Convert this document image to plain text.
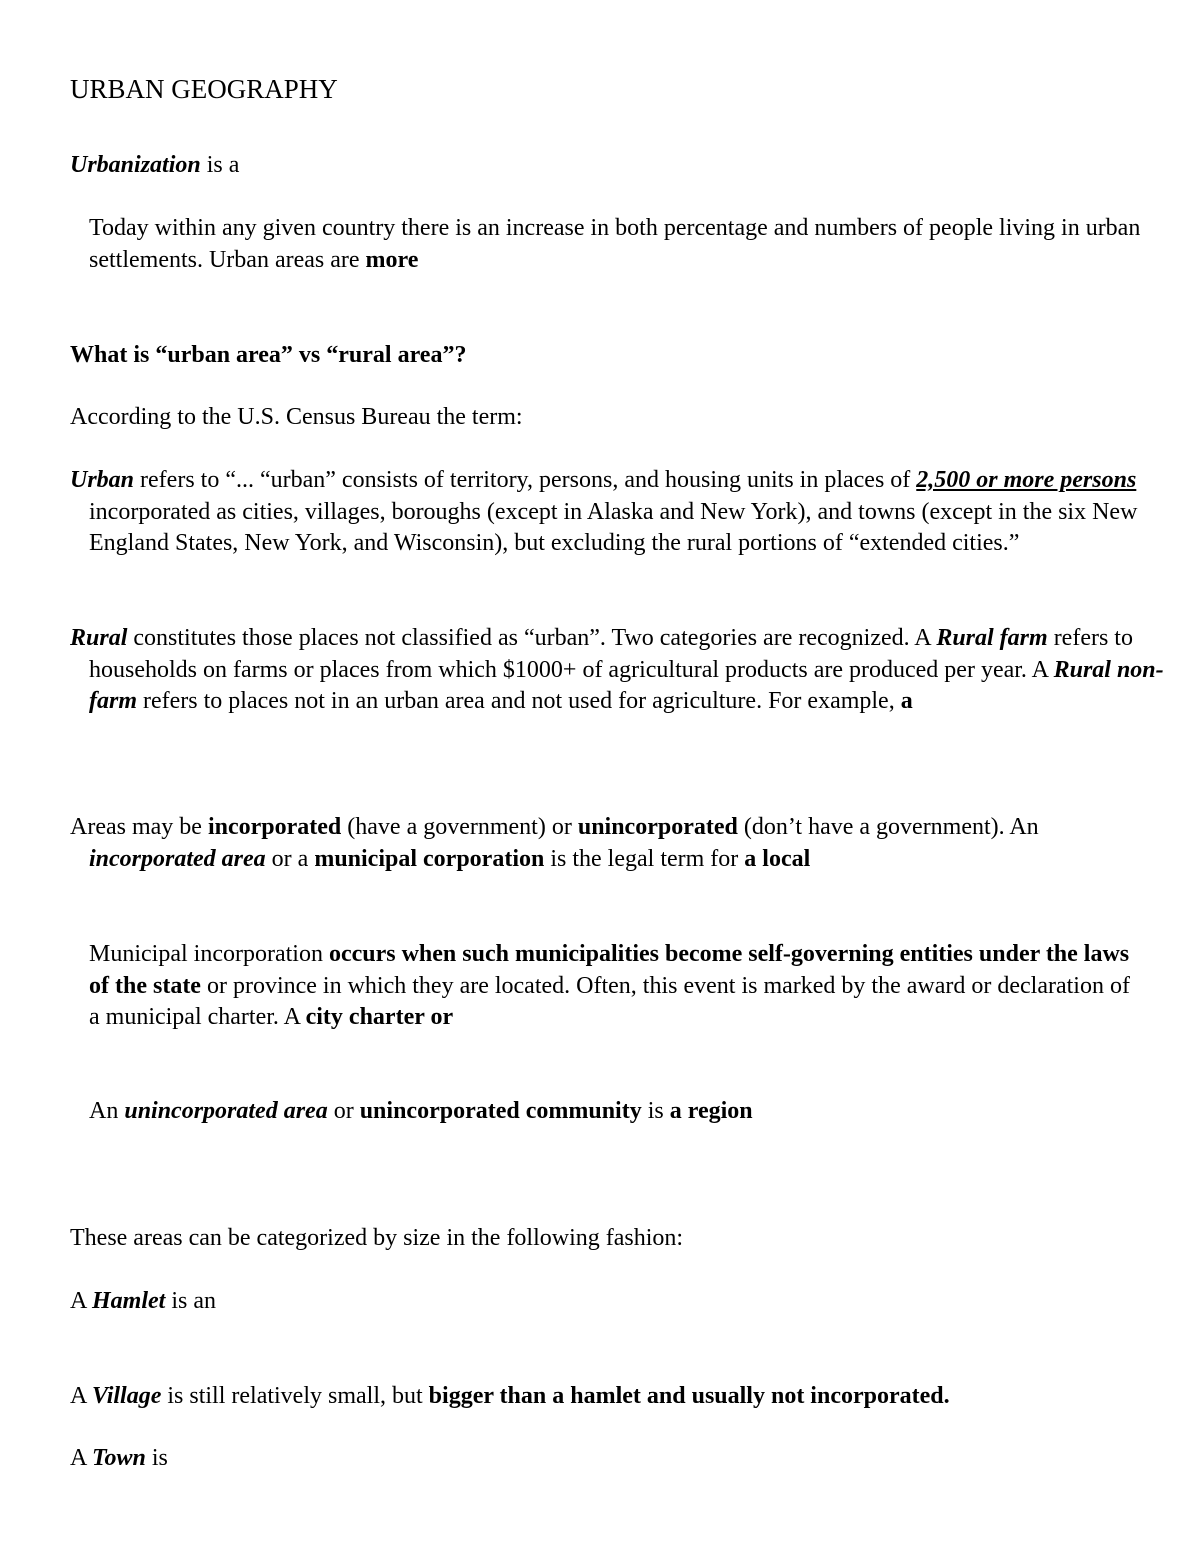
URBAN GEOGRAPHY

Urbanization is a

Today within any given country there is an increase in both percentage and numbers of people living in urban settlements. Urban areas are more

What is “urban area” vs “rural area”?

According to the U.S. Census Bureau the term:

Urban refers to “... “urban” consists of territory, persons, and housing units in places of 2,500 or more persons incorporated as cities, villages, boroughs (except in Alaska and New York), and towns (except in the six New England States, New York, and Wisconsin), but excluding the rural portions of “extended cities.”

Rural constitutes those places not classified as “urban”. Two categories are recognized. A Rural farm refers to households on farms or places from which $1000+ of agricultural products are produced per year. A Rural non-farm refers to places not in an urban area and not used for agriculture. For example, a

Areas may be incorporated (have a government) or unincorporated (don’t have a government). An incorporated area or a municipal corporation is the legal term for a local

Municipal incorporation occurs when such municipalities become self-governing entities under the laws of the state or province in which they are located. Often, this event is marked by the award or declaration of a municipal charter. A city charter or

An unincorporated area or unincorporated community is a region

These areas can be categorized by size in the following fashion:

A Hamlet is an

A Village is still relatively small, but bigger than a hamlet and usually not incorporated.

A Town is
